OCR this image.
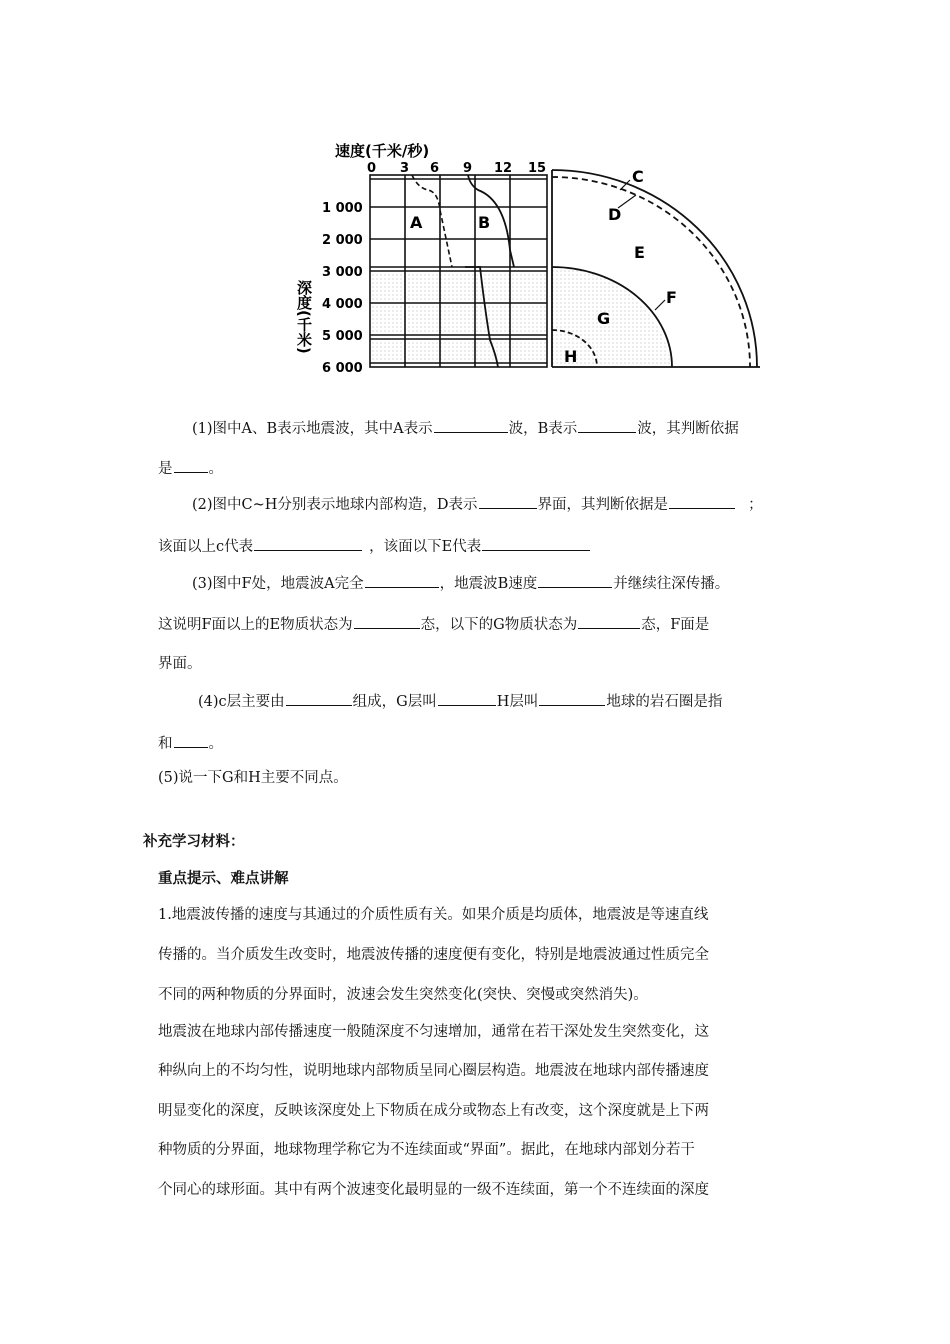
速度(千米/秒)
0 3 6 9 12 15
1 000
2 000
3 000
4 000
5 000
6 000
深度(千米)
A	B
C
D
E
F
G
H
(1)图中A、B表示地震波，其中A表示	波，B表示	波，其判断依据
是 。
(2)图中C~H分别表示地球内部构造，D表示	界面，其判断依据是	；
该面以上c代表	，该面以下E代表
(3)图中F处，地震波A完全	，地震波B速度	并继续往深传播。
这说明F面以上的E物质状态为	态，以下的G物质状态为	态，F面是
界面。
(4)c层主要由	组成，G层叫	H层叫	地球的岩石圈是指
和 。
(5)说一下G和H主要不同点。
补充学习材料：
重点提示、难点讲解
1.地震波传播的速度与其通过的介质性质有关。如果介质是均质体，地震波是等速直线
传播的。当介质发生改变时，地震波传播的速度便有变化，特别是地震波通过性质完全
不同的两种物质的分界面时，波速会发生突然变化(突快、突慢或突然消失)。
地震波在地球内部传播速度一般随深度不匀速增加，通常在若干深处发生突然变化，这
种纵向上的不均匀性，说明地球内部物质呈同心圈层构造。地震波在地球内部传播速度
明显变化的深度，反映该深度处上下物质在成分或物态上有改变，这个深度就是上下两
种物质的分界面，地球物理学称它为不连续面或“界面”。据此，在地球内部划分若干
个同心的球形面。其中有两个波速变化最明显的一级不连续面，第一个不连续面的深度
